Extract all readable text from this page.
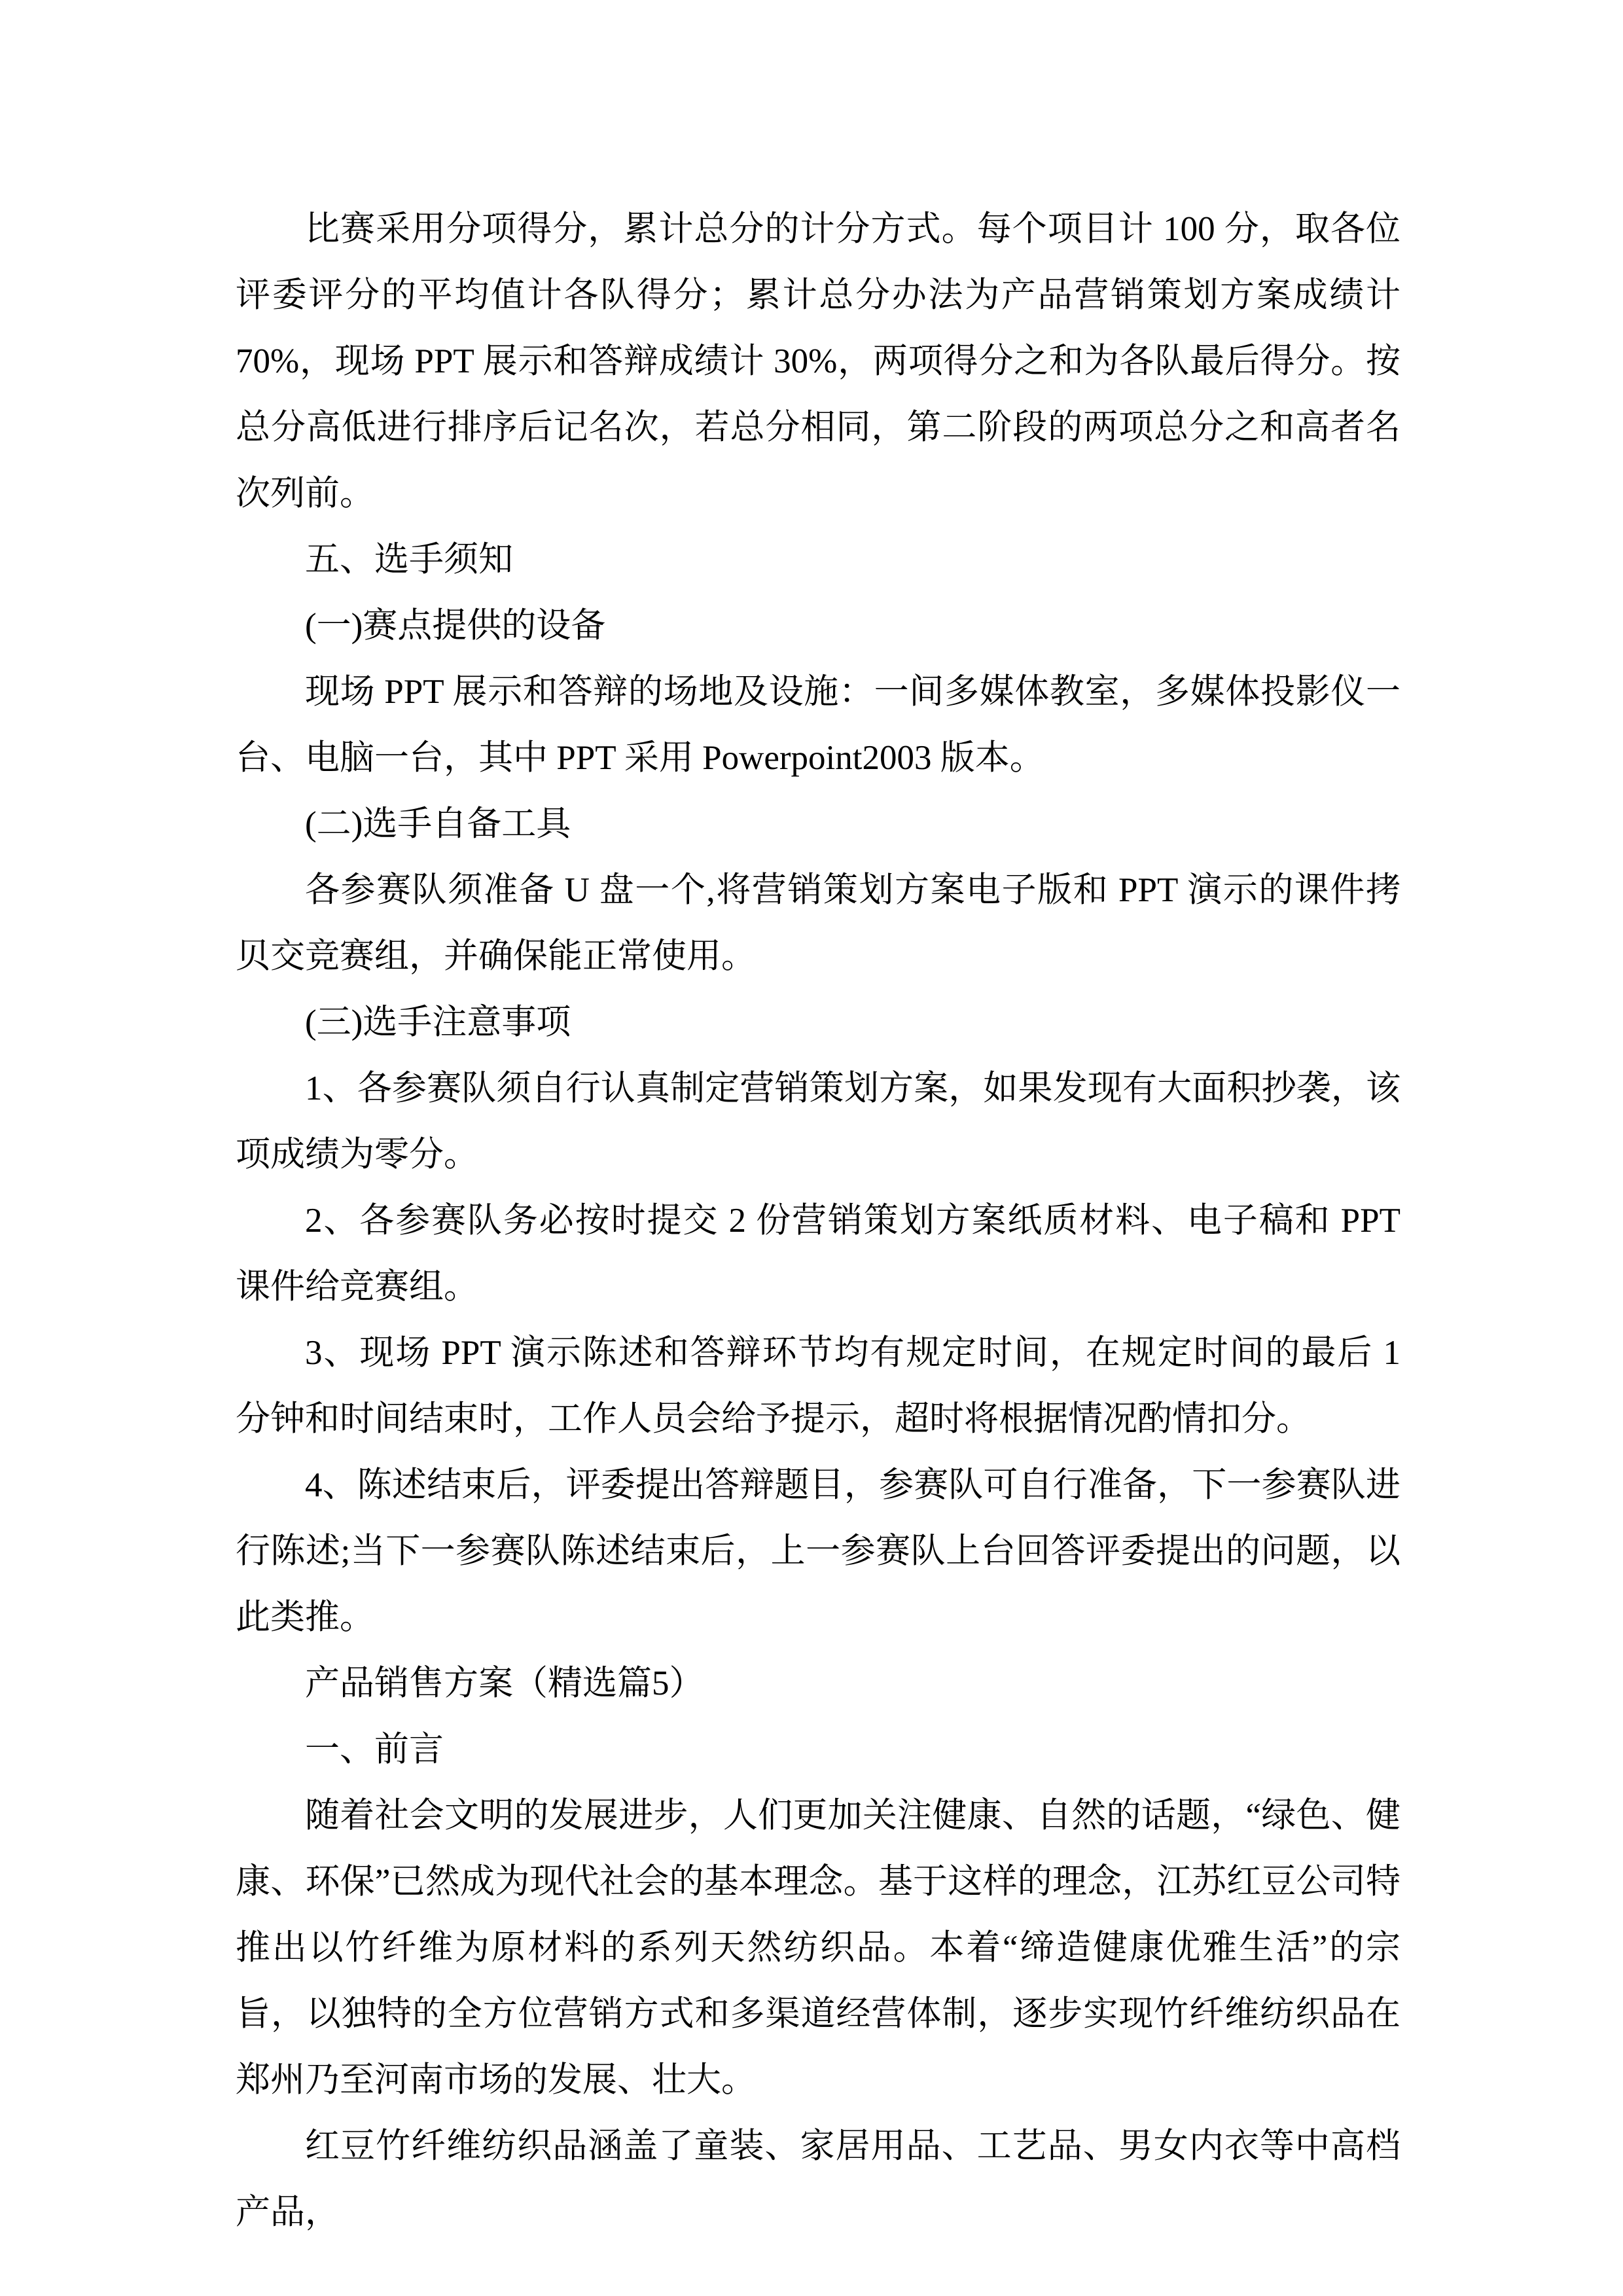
比赛采用分项得分，累计总分的计分方式。每个项目计 100 分，取各位评委评分的平均值计各队得分；累计总分办法为产品营销策划方案成绩计 70%，现场 PPT 展示和答辩成绩计 30%，两项得分之和为各队最后得分。按总分高低进行排序后记名次，若总分相同，第二阶段的两项总分之和高者名次列前。

五、选手须知

(一)赛点提供的设备

现场 PPT 展示和答辩的场地及设施：一间多媒体教室，多媒体投影仪一台、电脑一台，其中 PPT 采用 Powerpoint2003 版本。

(二)选手自备工具

各参赛队须准备 U 盘一个,将营销策划方案电子版和 PPT 演示的课件拷贝交竞赛组，并确保能正常使用。

(三)选手注意事项

1、各参赛队须自行认真制定营销策划方案，如果发现有大面积抄袭，该项成绩为零分。

2、各参赛队务必按时提交 2 份营销策划方案纸质材料、电子稿和 PPT 课件给竞赛组。

3、现场 PPT 演示陈述和答辩环节均有规定时间，在规定时间的最后 1 分钟和时间结束时，工作人员会给予提示，超时将根据情况酌情扣分。

4、陈述结束后，评委提出答辩题目，参赛队可自行准备，下一参赛队进行陈述;当下一参赛队陈述结束后，上一参赛队上台回答评委提出的问题，以此类推。

产品销售方案（精选篇5）

一、前言

随着社会文明的发展进步，人们更加关注健康、自然的话题，“绿色、健康、环保”已然成为现代社会的基本理念。基于这样的理念，江苏红豆公司特推出以竹纤维为原材料的系列天然纺织品。本着“缔造健康优雅生活”的宗旨，以独特的全方位营销方式和多渠道经营体制，逐步实现竹纤维纺织品在郑州乃至河南市场的发展、壮大。

红豆竹纤维纺织品涵盖了童装、家居用品、工艺品、男女内衣等中高档产品，
